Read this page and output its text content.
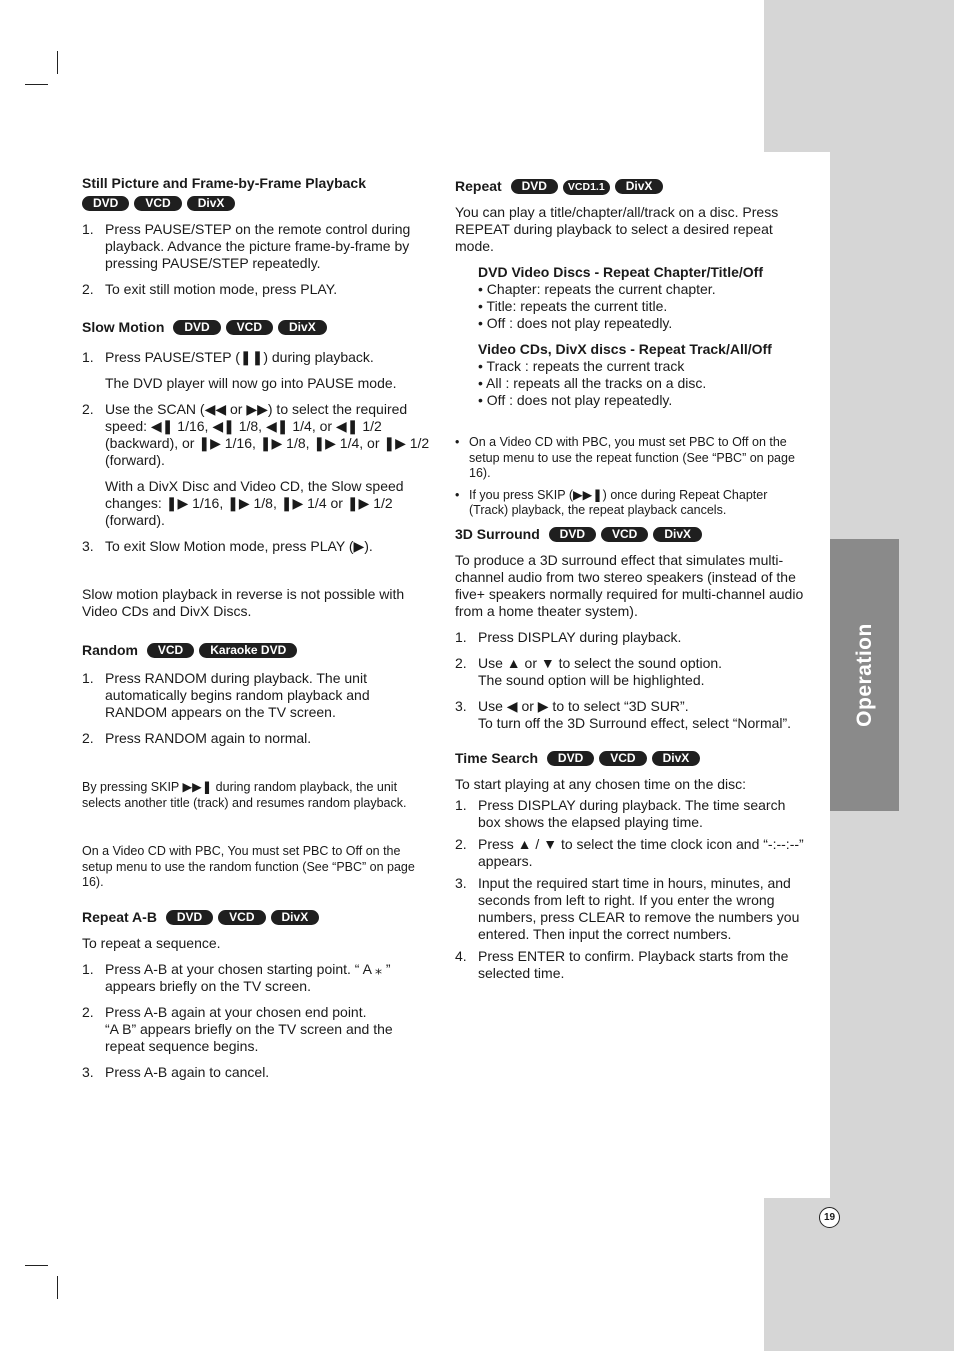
Operation
19
Still Picture and Frame-by-Frame Playback
DVD VCD DivX
1. Press PAUSE/STEP on the remote control during playback. Advance the picture frame-by-frame by pressing PAUSE/STEP repeatedly.
2. To exit still motion mode, press PLAY.
Slow Motion DVD VCD DivX
1. Press PAUSE/STEP (❚❚) during playback.
The DVD player will now go into PAUSE mode.
2. Use the SCAN (◀◀ or ▶▶) to select the required speed: ◀❚ 1/16, ◀❚ 1/8, ◀❚ 1/4, or ◀❚ 1/2 (backward), or ❚▶ 1/16, ❚▶ 1/8, ❚▶ 1/4, or ❚▶ 1/2 (forward).
With a DivX Disc and Video CD, the Slow speed changes: ❚▶ 1/16, ❚▶ 1/8, ❚▶ 1/4 or ❚▶ 1/2 (forward).
3. To exit Slow Motion mode, press PLAY (▶).

Slow motion playback in reverse is not possible with Video CDs and DivX Discs.

Random VCD Karaoke DVD
1. Press RANDOM during playback. The unit automatically begins random playback and RANDOM appears on the TV screen.
2. Press RANDOM again to normal.

By pressing SKIP ▶▶❚ during random playback, the unit selects another title (track) and resumes random playback.

On a Video CD with PBC, You must set PBC to Off on the setup menu to use the random function (See “PBC” on page 16).

Repeat A-B DVD VCD DivX

To repeat a sequence.

1. Press A-B at your chosen starting point. “ A ⁎ ” appears briefly on the TV screen.
2. Press A-B again at your chosen end point.
“A B” appears briefly on the TV screen and the repeat sequence begins.
3. Press A-B again to cancel.
Repeat DVD VCD1.1 DivX

You can play a title/chapter/all/track on a disc. Press REPEAT during playback to select a desired repeat mode.

DVD Video Discs - Repeat Chapter/Title/Off
• Chapter: repeats the current chapter.
• Title: repeats the current title.
• Off : does not play repeatedly.
Video CDs, DivX discs - Repeat Track/All/Off
• Track : repeats the current track
• All : repeats all the tracks on a disc.
• Off : does not play repeatedly.
• On a Video CD with PBC, you must set PBC to Off on the setup menu to use the repeat function (See “PBC” on page 16).
• If you press SKIP (▶▶❚) once during Repeat Chapter (Track) playback, the repeat playback cancels.
3D Surround DVD VCD DivX

To produce a 3D surround effect that simulates multi-channel audio from two stereo speakers (instead of the five+ speakers normally required for multi-channel audio from a home theater system).

1. Press DISPLAY during playback.
2. Use ▲ or ▼ to select the sound option.
The sound option will be highlighted.
3. Use ◀ or ▶ to to select “3D SUR”.
To turn off the 3D Surround effect, select “Normal”.
Time Search DVD VCD DivX

To start playing at any chosen time on the disc:

1. Press DISPLAY during playback. The time search box shows the elapsed playing time.
2. Press ▲ / ▼ to select the time clock icon and “-:--:--” appears.
3. Input the required start time in hours, minutes, and seconds from left to right. If you enter the wrong numbers, press CLEAR to remove the numbers you entered. Then input the correct numbers.
4. Press ENTER to confirm. Playback starts from the selected time.
